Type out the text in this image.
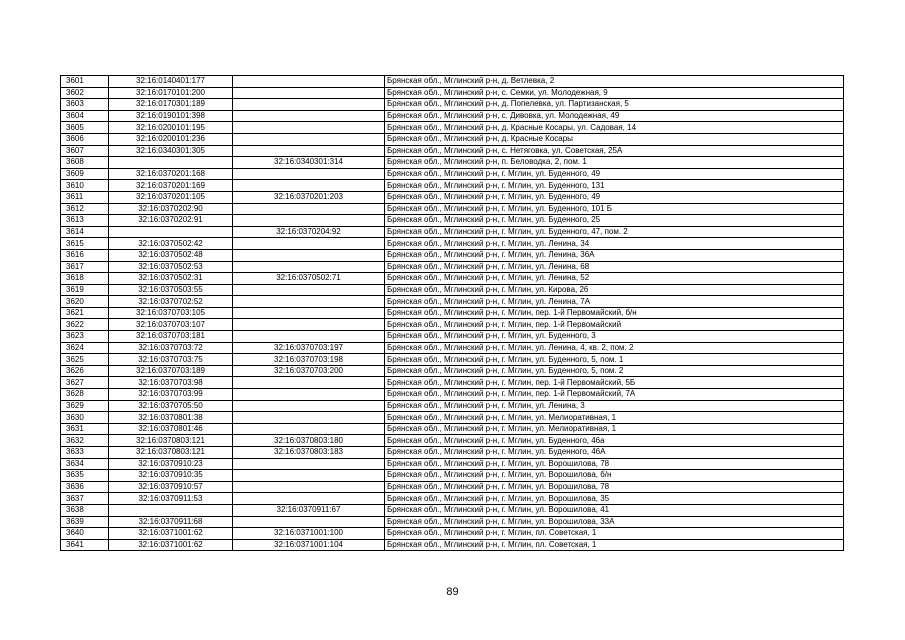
3601	32:16:0140401:177		Брянская обл., Мглинский р-н, д. Ветлевка, 2
3602	32:16:0170101:200		Брянская обл., Мглинский р-н, с. Семки, ул. Молодежная, 9
3603	32:16:0170301:189		Брянская обл., Мглинский р-н, д. Попелевка, ул. Партизанская, 5
3604	32:16:0190101:398		Брянская обл., Мглинский р-н, с. Дивовка, ул. Молодежная, 49
3605	32:16:0200101:195		Брянская обл., Мглинский р-н, д. Красные Косары, ул. Садовая, 14
3606	32:16:0200101:236		Брянская обл., Мглинский р-н, д. Красные Косары
3607	32:16:0340301:305		Брянская обл., Мглинский р-н, с. Нетяговка, ул. Советская, 25А
3608		32:16:0340301:314	Брянская обл., Мглинский р-н, п. Беловодка, 2, пом. 1
3609	32:16:0370201:168		Брянская обл., Мглинский р-н, г. Мглин, ул. Буденного, 49
3610	32:16:0370201:169		Брянская обл., Мглинский р-н, г. Мглин, ул. Буденного, 131
3611	32:16:0370201:105	32:16:0370201:203	Брянская обл., Мглинский р-н, г. Мглин, ул. Буденного, 49
3612	32:16:0370202:90		Брянская обл., Мглинский р-н, г. Мглин, ул. Буденного, 101 Б
3613	32:16:0370202:91		Брянская обл., Мглинский р-н, г. Мглин, ул. Буденного, 25
3614		32:16:0370204:92	Брянская обл., Мглинский р-н, г. Мглин, ул. Буденного, 47, пом. 2
3615	32:16:0370502:42		Брянская обл., Мглинский р-н, г. Мглин, ул. Ленина, 34
3616	32:16:0370502:48		Брянская обл., Мглинский р-н, г. Мглин, ул. Ленина, 36А
3617	32:16:0370502:53		Брянская обл., Мглинский р-н, г. Мглин, ул. Ленина, 68
3618	32:16:0370502:31	32:16:0370502:71	Брянская обл., Мглинский р-н, г. Мглин, ул. Ленина, 52
3619	32:16:0370503:55		Брянская обл., Мглинский р-н, г. Мглин, ул. Кирова, 26
3620	32:16:0370702:52		Брянская обл., Мглинский р-н, г. Мглин, ул. Ленина, 7А
3621	32:16:0370703:105		Брянская обл., Мглинский р-н, г. Мглин, пер. 1-й Первомайский, б/н
3622	32:16:0370703:107		Брянская обл., Мглинский р-н, г. Мглин, пер. 1-й Первомайский
3623	32:16:0370703:181		Брянская обл., Мглинский р-н, г. Мглин, ул. Буденного, 3
3624	32:16:0370703:72	32:16:0370703:197	Брянская обл., Мглинский р-н, г. Мглин, ул. Ленина, 4, кв. 2, пом. 2
3625	32:16:0370703:75	32:16:0370703:198	Брянская обл., Мглинский р-н, г. Мглин, ул. Буденного, 5, пом. 1
3626	32:16:0370703:189	32:16:0370703:200	Брянская обл., Мглинский р-н, г. Мглин, ул. Буденного, 5, пом. 2
3627	32:16:0370703:98		Брянская обл., Мглинский р-н, г. Мглин, пер. 1-й Первомайский, 5Б
3628	32:16:0370703:99		Брянская обл., Мглинский р-н, г. Мглин, пер. 1-й Первомайский, 7А
3629	32:16:0370705:50		Брянская обл., Мглинский р-н, г. Мглин, ул. Ленина, 3
3630	32:16:0370801:38		Брянская обл., Мглинский р-н, г. Мглин, ул. Мелиоративная, 1
3631	32:16:0370801:46		Брянская обл., Мглинский р-н, г. Мглин, ул. Мелиоративная, 1
3632	32:16:0370803:121	32:16:0370803:180	Брянская обл., Мглинский р-н, г. Мглин, ул. Буденного, 46а
3633	32:16:0370803:121	32:16:0370803:183	Брянская обл., Мглинский р-н, г. Мглин, ул. Буденного, 46А
3634	32:16:0370910:23		Брянская обл., Мглинский р-н, г. Мглин, ул. Ворошилова, 78
3635	32:16:0370910:35		Брянская обл., Мглинский р-н, г. Мглин, ул. Ворошилова, б/н
3636	32:16:0370910:57		Брянская обл., Мглинский р-н, г. Мглин, ул. Ворошилова, 78
3637	32:16:0370911:53		Брянская обл., Мглинский р-н, г. Мглин, ул. Ворошилова, 35
3638		32:16:0370911:67	Брянская обл., Мглинский р-н, г. Мглин, ул. Ворошилова, 41
3639	32:16:0370911:68		Брянская обл., Мглинский р-н, г. Мглин, ул. Ворошилова, 33А
3640	32:16:0371001:62	32:16:0371001:100	Брянская обл., Мглинский р-н, г. Мглин, пл. Советская, 1
3641	32:16:0371001:62	32:16:0371001:104	Брянская обл., Мглинский р-н, г. Мглин, пл. Советская, 1
89
